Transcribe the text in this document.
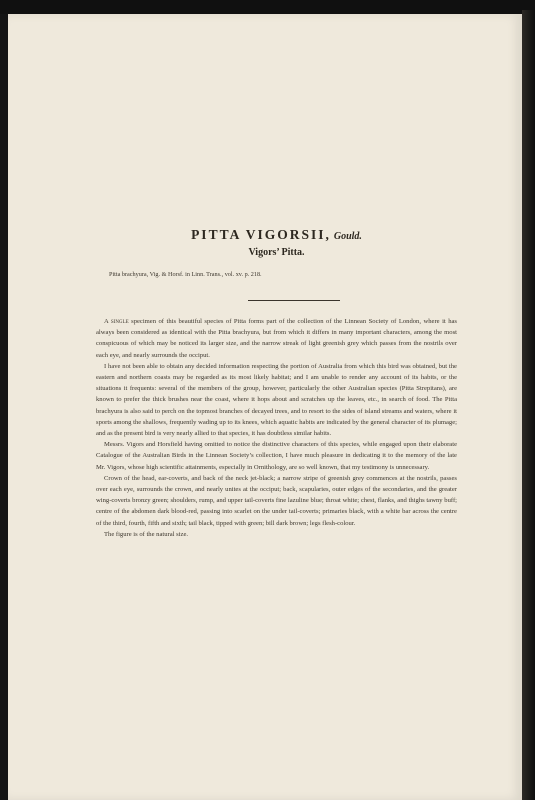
PITTA VIGORSII, Gould.
Vigors’ Pitta.
Pitta brachyura, Vig. & Horsf. in Linn. Trans., vol. xv. p. 218.

A single specimen of this beautiful species of Pitta forms part of the collection of the Linnean Society of London, where it has always been considered as identical with the Pitta brachyura, but from which it differs in many important characters, among the most conspicuous of which may be noticed its larger size, and the narrow streak of light greenish grey which passes from the nostrils over each eye, and nearly surrounds the occiput.

I have not been able to obtain any decided information respecting the portion of Australia from which this bird was obtained, but the eastern and northern coasts may be regarded as its most likely habitat; and I am unable to render any account of its habits, or the situations it frequents: several of the members of the group, however, particularly the other Australian species (Pitta Strepitans), are known to prefer the thick brushes near the coast, where it hops about and scratches up the leaves, etc., in search of food. The Pitta brachyura is also said to perch on the topmost branches of decayed trees, and to resort to the sides of island streams and waters, where it sports among the shallows, frequently wading up to its knees, which aquatic habits are indicated by the general character of its plumage; and as the present bird is very nearly allied to that species, it has doubtless similar habits.

Messrs. Vigors and Horsfield having omitted to notice the distinctive characters of this species, while engaged upon their elaborate Catalogue of the Australian Birds in the Linnean Society’s collection, I have much pleasure in dedicating it to the memory of the late Mr. Vigors, whose high scientific attainments, especially in Ornithology, are so well known, that my testimony is unnecessary.

Crown of the head, ear-coverts, and back of the neck jet-black; a narrow stripe of greenish grey commences at the nostrils, passes over each eye, surrounds the crown, and nearly unites at the occiput; back, scapularies, outer edges of the secondaries, and the greater wing-coverts bronzy green; shoulders, rump, and upper tail-coverts fine lazuline blue; throat white; chest, flanks, and thighs tawny buff; centre of the abdomen dark blood-red, passing into scarlet on the under tail-coverts; primaries black, with a white bar across the centre of the third, fourth, fifth and sixth; tail black, tipped with green; bill dark brown; legs flesh-colour.

The figure is of the natural size.
